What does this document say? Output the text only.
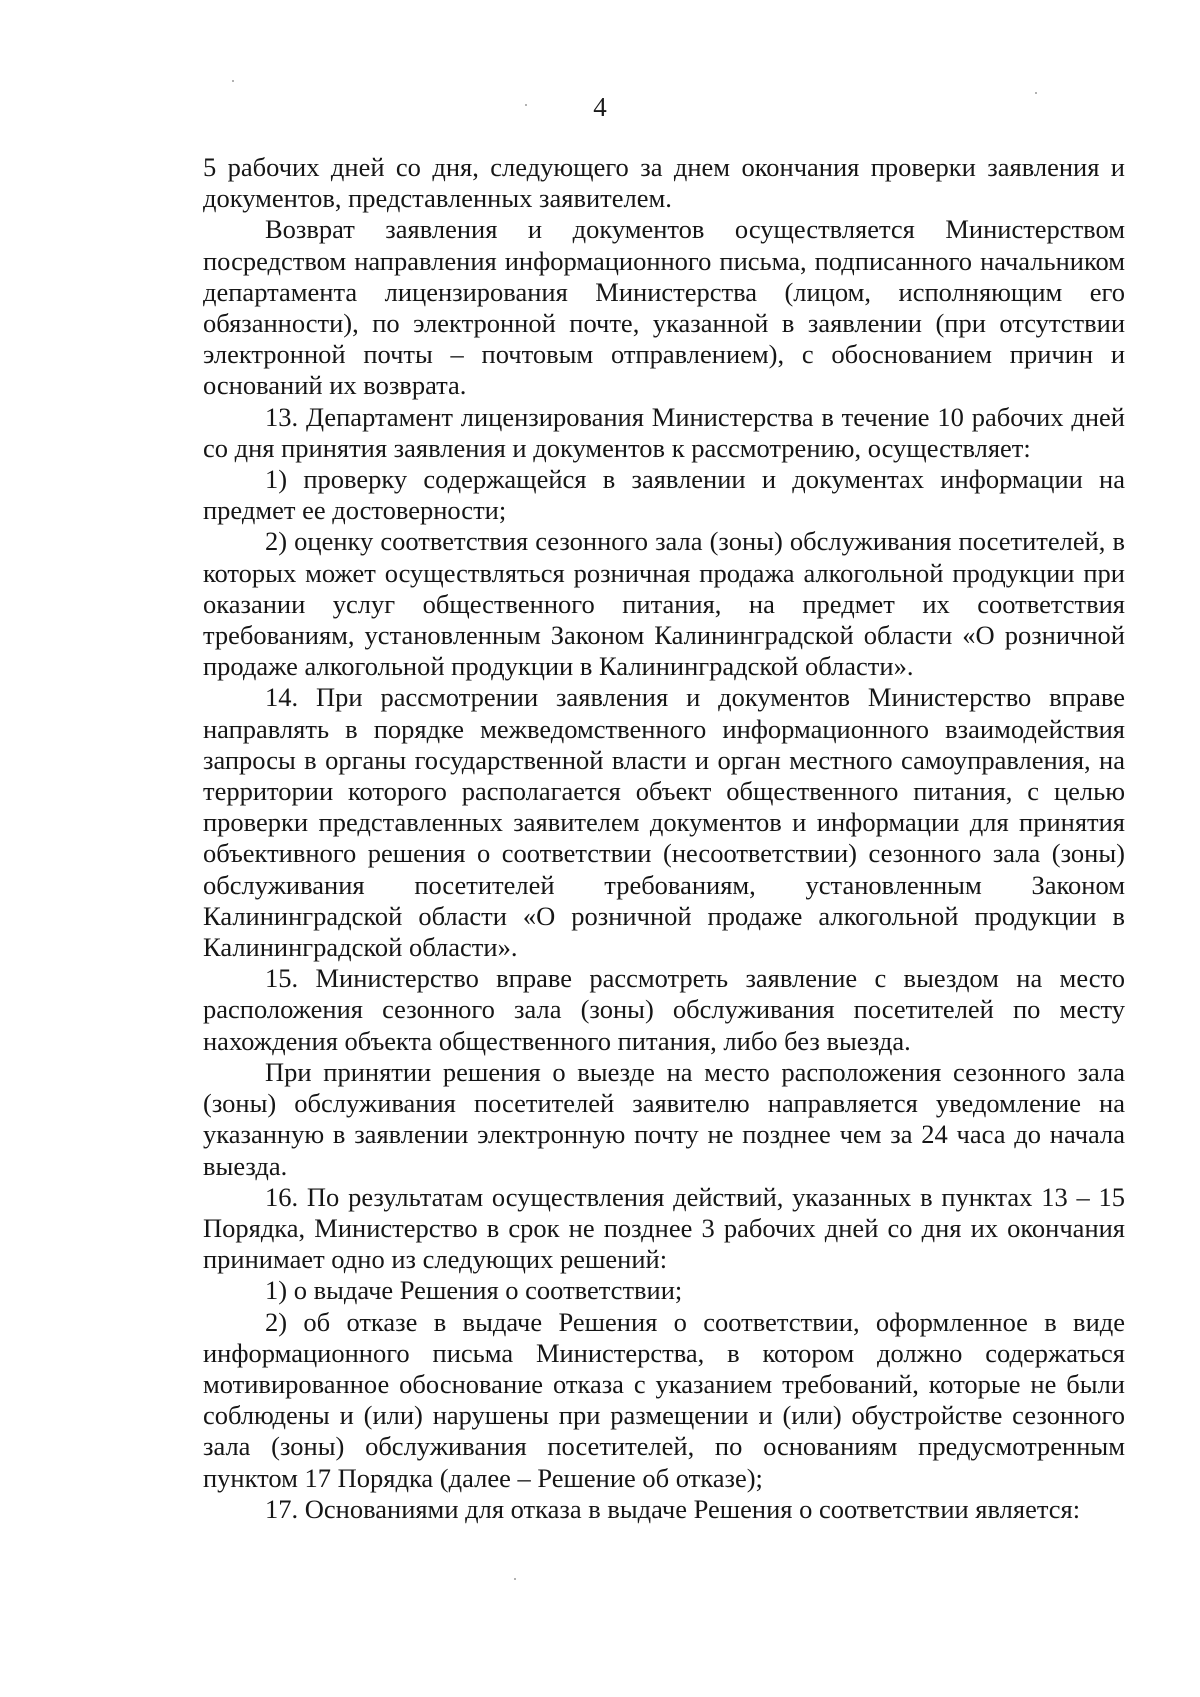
4

5 рабочих дней со дня, следующего за днем окончания проверки заявления и документов, представленных заявителем.

Возврат заявления и документов осуществляется Министерством посредством направления информационного письма, подписанного начальником департамента лицензирования Министерства (лицом, исполняющим его обязанности), по электронной почте, указанной в заявлении (при отсутствии электронной почты – почтовым отправлением), с обоснованием причин и оснований их возврата.

13. Департамент лицензирования Министерства в течение 10 рабочих дней со дня принятия заявления и документов к рассмотрению, осуществляет:

1) проверку содержащейся в заявлении и документах информации на предмет ее достоверности;

2) оценку соответствия сезонного зала (зоны) обслуживания посетителей, в которых может осуществляться розничная продажа алкогольной продукции при оказании услуг общественного питания, на предмет их соответствия требованиям, установленным Законом Калининградской области «О розничной продаже алкогольной продукции в Калининградской области».

14. При рассмотрении заявления и документов Министерство вправе направлять в порядке межведомственного информационного взаимодействия запросы в органы государственной власти и орган местного самоуправления, на территории которого располагается объект общественного питания, с целью проверки представленных заявителем документов и информации для принятия объективного решения о соответствии (несоответствии) сезонного зала (зоны) обслуживания посетителей требованиям, установленным Законом Калининградской области «О розничной продаже алкогольной продукции в Калининградской области».

15. Министерство вправе рассмотреть заявление с выездом на место расположения сезонного зала (зоны) обслуживания посетителей по месту нахождения объекта общественного питания, либо без выезда.

При принятии решения о выезде на место расположения сезонного зала (зоны) обслуживания посетителей заявителю направляется уведомление на указанную в заявлении электронную почту не позднее чем за 24 часа до начала выезда.

16. По результатам осуществления действий, указанных в пунктах 13 – 15 Порядка, Министерство в срок не позднее 3 рабочих дней со дня их окончания принимает одно из следующих решений:

1) о выдаче Решения о соответствии;

2) об отказе в выдаче Решения о соответствии, оформленное в виде информационного письма Министерства, в котором должно содержаться мотивированное обоснование отказа с указанием требований, которые не были соблюдены и (или) нарушены при размещении и (или) обустройстве сезонного зала (зоны) обслуживания посетителей, по основаниям предусмотренным пунктом 17 Порядка (далее – Решение об отказе);

17. Основаниями для отказа в выдаче Решения о соответствии является:
